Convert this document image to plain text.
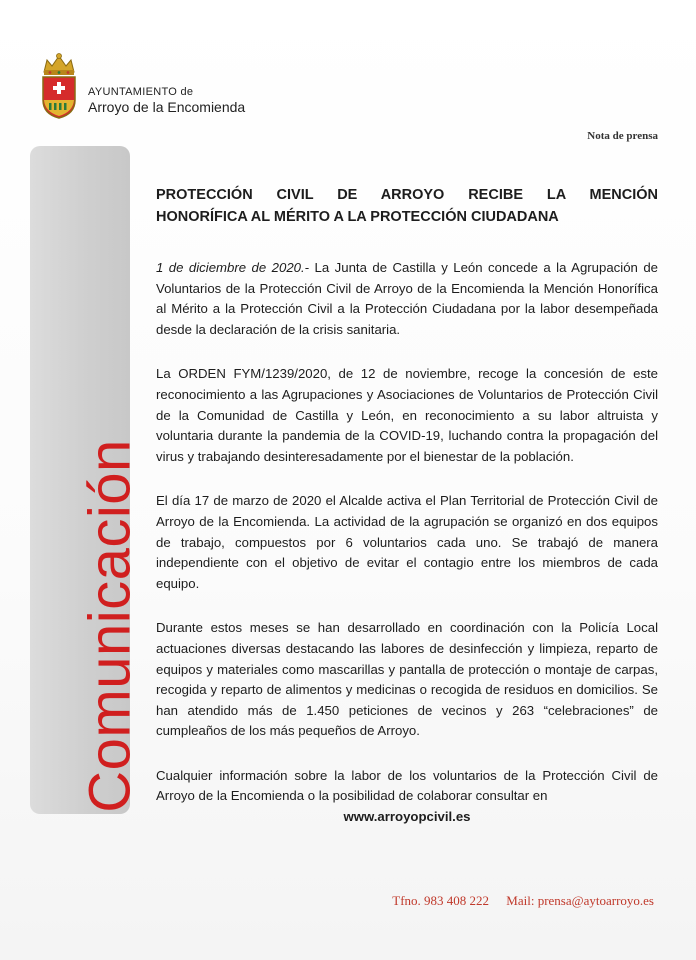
AYUNTAMIENTO de
Arroyo de la Encomienda
Nota de prensa
Comunicación
PROTECCIÓN CIVIL DE ARROYO RECIBE LA MENCIÓN
HONORÍFICA AL MÉRITO A LA PROTECCIÓN CIUDADANA

1 de diciembre de 2020.- La Junta de Castilla y León concede a la Agrupación de Voluntarios de la Protección Civil de Arroyo de la Encomienda la Mención Honorífica al Mérito a la Protección Civil a la Protección Ciudadana por la labor desempeñada desde la declaración de la crisis sanitaria.

La ORDEN FYM/1239/2020, de 12 de noviembre, recoge la concesión de este reconocimiento a las Agrupaciones y Asociaciones de Voluntarios de Protección Civil de la Comunidad de Castilla y León, en reconocimiento a su labor altruista y voluntaria durante la pandemia de la COVID-19, luchando contra la propagación del virus y trabajando desinteresadamente por el bienestar de la población.

El día 17 de marzo de 2020 el Alcalde activa el Plan Territorial de Protección Civil de Arroyo de la Encomienda. La actividad de la agrupación se organizó en dos equipos de trabajo, compuestos por 6 voluntarios cada uno. Se trabajó de manera independiente con el objetivo de evitar el contagio entre los miembros de cada equipo.

Durante estos meses se han desarrollado en coordinación con la Policía Local actuaciones diversas destacando las labores de desinfección y limpieza, reparto de equipos y materiales como mascarillas y pantalla de protección o montaje de carpas, recogida y reparto de alimentos y medicinas o recogida de residuos en domicilios. Se han atendido más de 1.450 peticiones de vecinos y 263 “celebraciones” de cumpleaños de los más pequeños de Arroyo.

Cualquier información sobre la labor de los voluntarios de la Protección Civil de Arroyo de la Encomienda o la posibilidad de colaborar consultar en
www.arroyopcivil.es

Tfno. 983 408 222 Mail: prensa@aytoarroyo.es
